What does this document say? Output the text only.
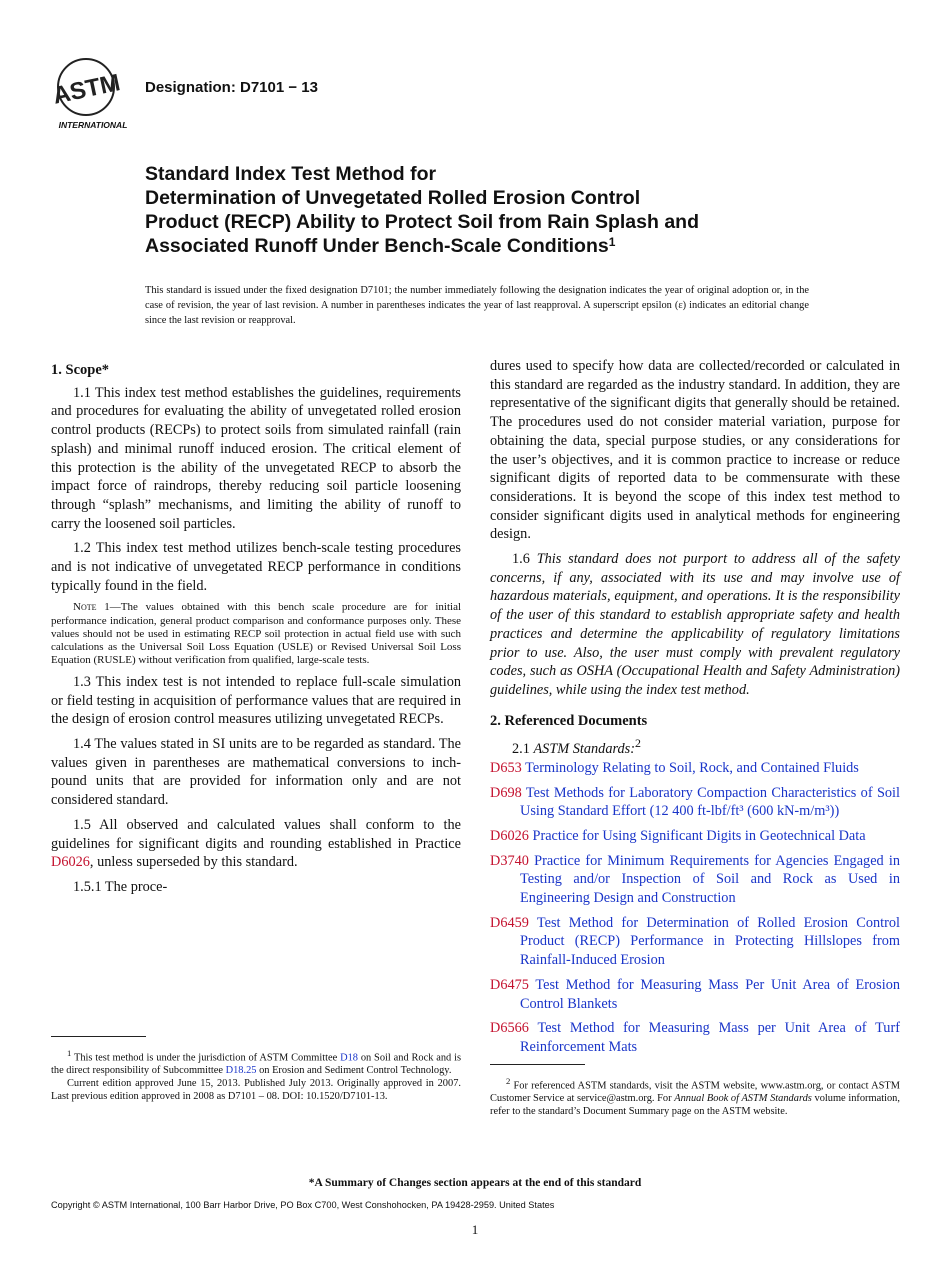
ASTM
INTERNATIONAL
Designation: D7101 − 13
Standard Index Test Method for
Determination of Unvegetated Rolled Erosion Control
Product (RECP) Ability to Protect Soil from Rain Splash and
Associated Runoff Under Bench-Scale Conditions$^1$
This standard is issued under the fixed designation D7101; the number immediately following the designation indicates the year of original adoption or, in the case of revision, the year of last revision. A number in parentheses indicates the year of last reapproval. A superscript epsilon (ε) indicates an editorial change since the last revision or reapproval.
1. Scope*

1.1 This index test method establishes the guidelines, requirements and procedures for evaluating the ability of unvegetated rolled erosion control products (RECPs) to protect soils from simulated rainfall (rain splash) and minimal runoff induced erosion. The critical element of this protection is the ability of the unvegetated RECP to absorb the impact force of raindrops, thereby reducing soil particle loosening through “splash” mechanisms, and limiting the ability of runoff to carry the loosened soil particles.

1.2 This index test method utilizes bench-scale testing procedures and is not indicative of unvegetated RECP performance in conditions typically found in the field.

Note 1—The values obtained with this bench scale procedure are for initial performance indication, general product comparison and conformance purposes only. These values should not be used in estimating RECP soil protection in actual field use with such calculations as the Universal Soil Loss Equation (USLE) or Revised Universal Soil Loss Equation (RUSLE) without verification from qualified, large-scale tests.

1.3 This index test is not intended to replace full-scale simulation or field testing in acquisition of performance values that are required in the design of erosion control measures utilizing unvegetated RECPs.

1.4 The values stated in SI units are to be regarded as standard. The values given in parentheses are mathematical conversions to inch-pound units that are provided for information only and are not considered standard.

1.5 All observed and calculated values shall conform to the guidelines for significant digits and rounding established in Practice D6026, unless superseded by this standard.

1.5.1 The proce-

$^1$ This test method is under the jurisdiction of ASTM Committee D18 on Soil and Rock and is the direct responsibility of Subcommittee D18.25 on Erosion and Sediment Control Technology.

Current edition approved June 15, 2013. Published July 2013. Originally approved in 2007. Last previous edition approved in 2008 as D7101 – 08. DOI: 10.1520/D7101-13.

dures used to specify how data are collected/recorded or calculated in this standard are regarded as the industry standard. In addition, they are representative of the significant digits that generally should be retained. The procedures used do not consider material variation, purpose for obtaining the data, special purpose studies, or any considerations for the user’s objectives, and it is common practice to increase or reduce significant digits of reported data to be commensurate with these considerations. It is beyond the scope of this index test method to consider significant digits used in analytical methods for engineering design.

1.6 This standard does not purport to address all of the safety concerns, if any, associated with its use and may involve use of hazardous materials, equipment, and operations. It is the responsibility of the user of this standard to establish appropriate safety and health practices and determine the applicability of regulatory limitations prior to use. Also, the user must comply with prevalent regulatory codes, such as OSHA (Occupational Health and Safety Administration) guidelines, while using the index test method.

2. Referenced Documents

2.1 ASTM Standards:$^2$

D653 Terminology Relating to Soil, Rock, and Contained Fluids

D698 Test Methods for Laboratory Compaction Characteristics of Soil Using Standard Effort (12 400 ft-lbf/ft³ (600 kN-m/m³))

D6026 Practice for Using Significant Digits in Geotechnical Data

D3740 Practice for Minimum Requirements for Agencies Engaged in Testing and/or Inspection of Soil and Rock as Used in Engineering Design and Construction

D6459 Test Method for Determination of Rolled Erosion Control Product (RECP) Performance in Protecting Hillslopes from Rainfall-Induced Erosion

D6475 Test Method for Measuring Mass Per Unit Area of Erosion Control Blankets

D6566 Test Method for Measuring Mass per Unit Area of Turf Reinforcement Mats

$^2$ For referenced ASTM standards, visit the ASTM website, www.astm.org, or contact ASTM Customer Service at service@astm.org. For Annual Book of ASTM Standards volume information, refer to the standard’s Document Summary page on the ASTM website.

*A Summary of Changes section appears at the end of this standard
Copyright © ASTM International, 100 Barr Harbor Drive, PO Box C700, West Conshohocken, PA 19428-2959. United States
1
